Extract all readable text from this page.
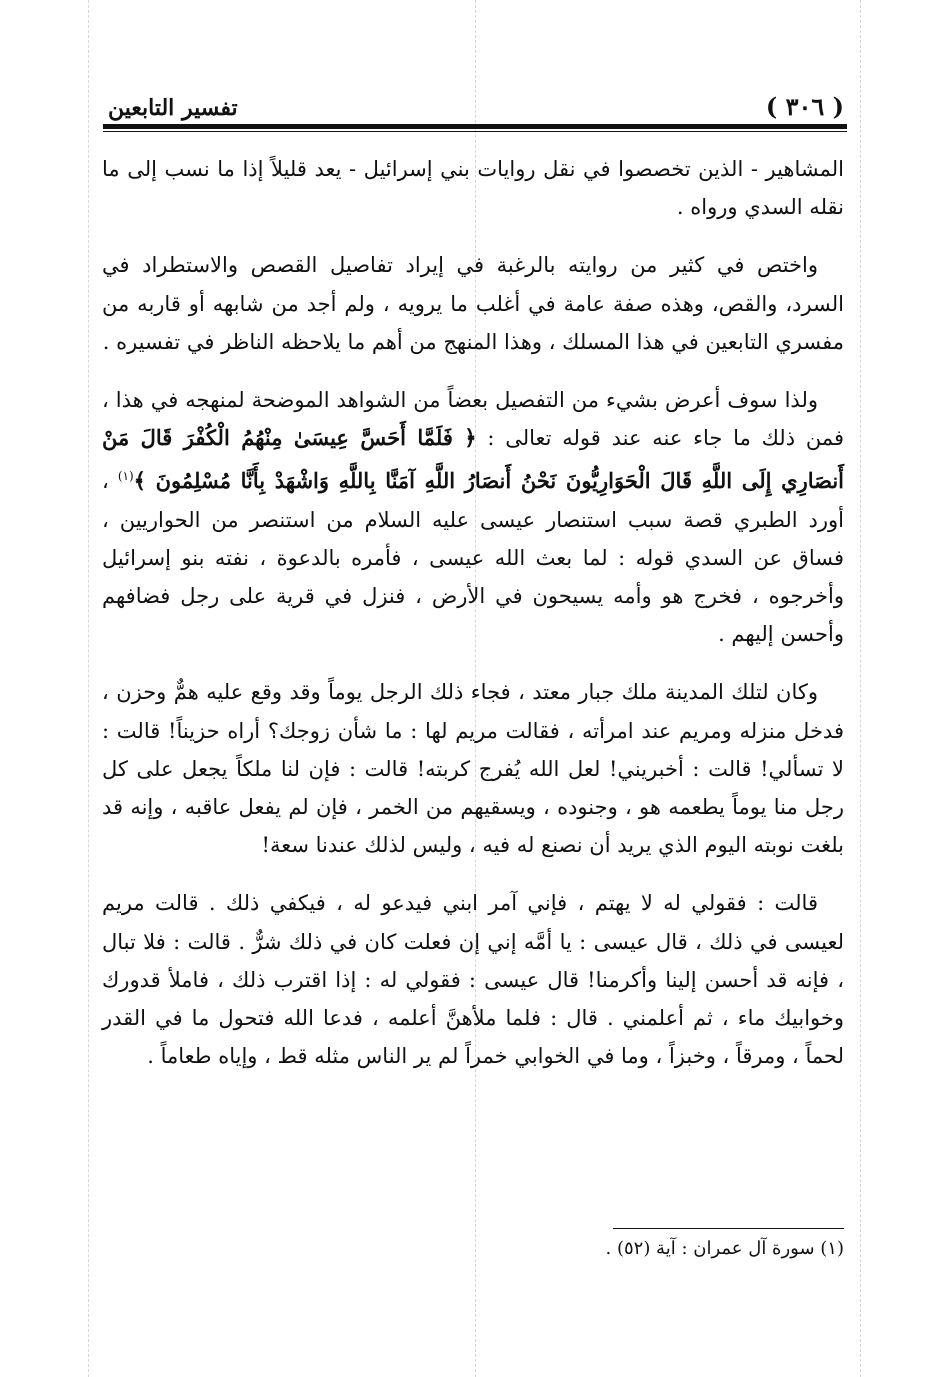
( ٣٠٦ )
تفسير التابعين

المشاهير - الذين تخصصوا في نقل روايات بني إسرائيل - يعد قليلاً إذا ما نسب إلى ما نقله السدي ورواه .

واختص في كثير من روايته بالرغبة في إيراد تفاصيل القصص والاستطراد في السرد، والقص، وهذه صفة عامة في أغلب ما يرويه ، ولم أجد من شابهه أو قاربه من مفسري التابعين في هذا المسلك ، وهذا المنهج من أهم ما يلاحظه الناظر في تفسيره .

ولذا سوف أعرض بشيء من التفصيل بعضاً من الشواهد الموضحة لمنهجه في هذا ، فمن ذلك ما جاء عنه عند قوله تعالى : ﴿ فَلَمَّا أَحَسَّ عِيسَىٰ مِنْهُمُ الْكُفْرَ قَالَ مَنْ أَنصَارِي إِلَى اللَّهِ قَالَ الْحَوَارِيُّونَ نَحْنُ أَنصَارُ اللَّهِ آمَنَّا بِاللَّهِ وَاشْهَدْ بِأَنَّا مُسْلِمُونَ ﴾$^{(١)}$ ، أورد الطبري قصة سبب استنصار عيسى عليه السلام من استنصر من الحواريين ، فساق عن السدي قوله : لما بعث الله عيسى ، فأمره بالدعوة ، نفته بنو إسرائيل وأخرجوه ، فخرج هو وأمه يسيحون في الأرض ، فنزل في قرية على رجل فضافهم وأحسن إليهم .

وكان لتلك المدينة ملك جبار معتد ، فجاء ذلك الرجل يوماً وقد وقع عليه همٌّ وحزن ، فدخل منزله ومريم عند امرأته ، فقالت مريم لها : ما شأن زوجك؟ أراه حزيناً! قالت : لا تسألي! قالت : أخبريني! لعل الله يُفرج كربته! قالت : فإن لنا ملكاً يجعل على كل رجل منا يوماً يطعمه هو ، وجنوده ، ويسقيهم من الخمر ، فإن لم يفعل عاقبه ، وإنه قد بلغت نوبته اليوم الذي يريد أن نصنع له فيه ، وليس لذلك عندنا سعة!

قالت : فقولي له لا يهتم ، فإني آمر ابني فيدعو له ، فيكفي ذلك . قالت مريم لعيسى في ذلك ، قال عيسى : يا أمَّه إني إن فعلت كان في ذلك شرٌّ . قالت : فلا تبال ، فإنه قد أحسن إلينا وأكرمنا! قال عيسى : فقولي له : إذا اقترب ذلك ، فاملأ قدورك وخوابيك ماء ، ثم أعلمني . قال : فلما ملأهنَّ أعلمه ، فدعا الله فتحول ما في القدر لحماً ، ومرقاً ، وخبزاً ، وما في الخوابي خمراً لم ير الناس مثله قط ، وإياه طعاماً .

(١) سورة آل عمران : آية (٥٢) .
